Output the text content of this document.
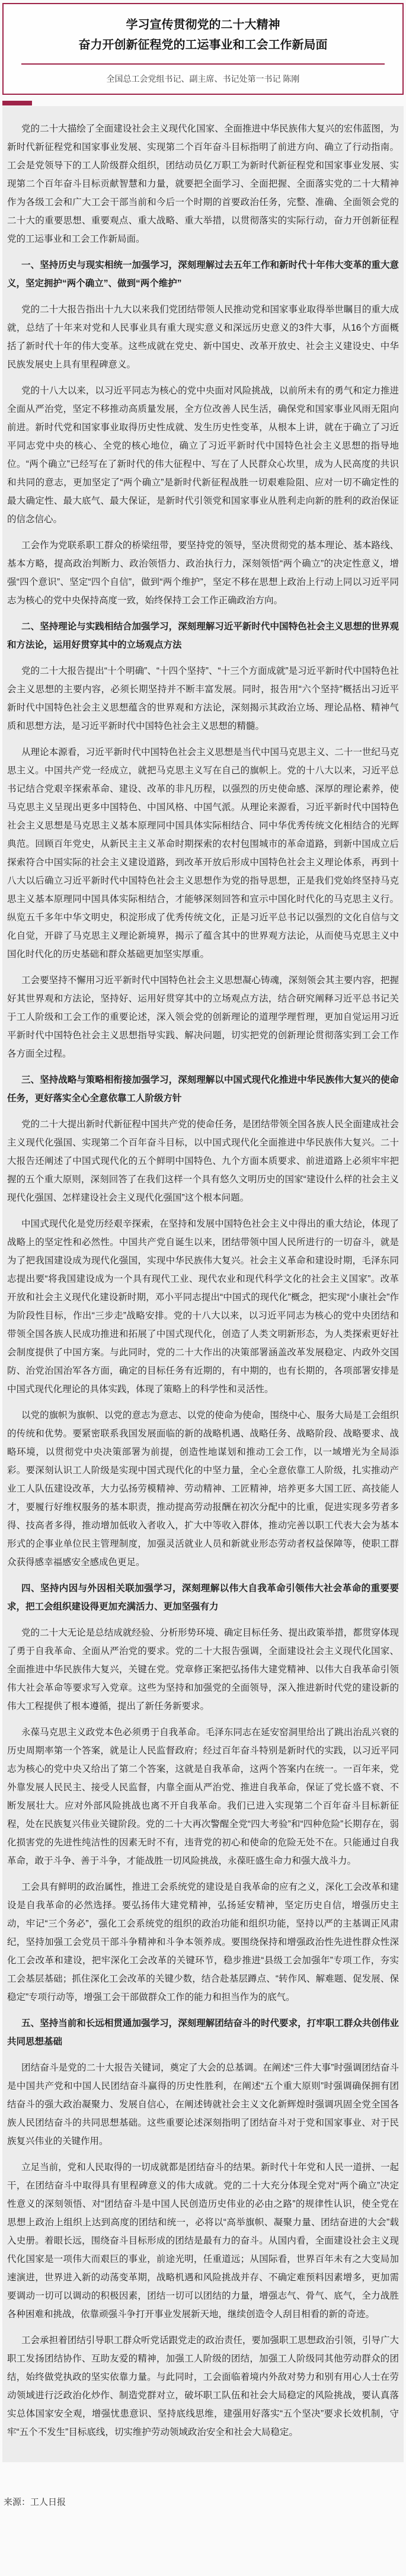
学习宣传贯彻党的二十大精神
奋力开创新征程党的工运事业和工会工作新局面
全国总工会党组书记、副主席、书记处第一书记 陈刚

党的二十大描绘了全面建设社会主义现代化国家、全面推进中华民族伟大复兴的宏伟蓝图，为新时代新征程党和国家事业发展、实现第二个百年奋斗目标指明了前进方向、确立了行动指南。工会是党领导下的工人阶级群众组织，团结动员亿万职工为新时代新征程党和国家事业发展、实现第二个百年奋斗目标贡献智慧和力量，就要把全面学习、全面把握、全面落实党的二十大精神作为各级工会和广大工会干部当前和今后一个时期的首要政治任务，完整、准确、全面领会党的二十大的重要思想、重要观点、重大战略、重大举措，以贯彻落实的实际行动，奋力开创新征程党的工运事业和工会工作新局面。

一、坚持历史与现实相统一加强学习，深刻理解过去五年工作和新时代十年伟大变革的重大意义，坚定拥护“两个确立”、做到“两个维护”

党的二十大报告指出十九大以来我们党团结带领人民推动党和国家事业取得举世瞩目的重大成就，总结了十年来对党和人民事业具有重大现实意义和深远历史意义的3件大事，从16个方面概括了新时代十年的伟大变革。这些成就在党史、新中国史、改革开放史、社会主义建设史、中华民族发展史上具有里程碑意义。

党的十八大以来，以习近平同志为核心的党中央面对风险挑战，以前所未有的勇气和定力推进全面从严治党，坚定不移推动高质量发展，全方位改善人民生活，确保党和国家事业风雨无阻向前进。新时代党和国家事业取得历史性成就、发生历史性变革，从根本上讲，就在于确立了习近平同志党中央的核心、全党的核心地位，确立了习近平新时代中国特色社会主义思想的指导地位。“两个确立”已经写在了新时代的伟大征程中、写在了人民群众心坎里，成为人民高度的共识和共同的意志，更加坚定了“两个确立”是新时代新征程战胜一切艰难险阻、应对一切不确定性的最大确定性、最大底气、最大保证，是新时代引领党和国家事业从胜利走向新的胜利的政治保证的信念信心。

工会作为党联系职工群众的桥梁纽带，要坚持党的领导，坚决贯彻党的基本理论、基本路线、基本方略，提高政治判断力、政治领悟力、政治执行力，深刻领悟“两个确立”的决定性意义，增强“四个意识”、坚定“四个自信”，做到“两个维护”，坚定不移在思想上政治上行动上同以习近平同志为核心的党中央保持高度一致，始终保持工会工作正确政治方向。

二、坚持理论与实践相结合加强学习，深刻理解习近平新时代中国特色社会主义思想的世界观和方法论，运用好贯穿其中的立场观点方法

党的二十大报告提出“十个明确”、“十四个坚持”、“十三个方面成就”是习近平新时代中国特色社会主义思想的主要内容，必须长期坚持并不断丰富发展。同时，报告用“六个坚持”概括出习近平新时代中国特色社会主义思想蕴含的世界观和方法论，深刻揭示其政治立场、理论品格、精神气质和思想方法，是习近平新时代中国特色社会主义思想的精髓。

从理论本源看，习近平新时代中国特色社会主义思想是当代中国马克思主义、二十一世纪马克思主义。中国共产党一经成立，就把马克思主义写在自己的旗帜上。党的十八大以来，习近平总书记结合党艰辛探索革命、建设、改革的非凡历程，以强烈的历史使命感、深厚的理论素养，使马克思主义呈现出更多中国特色、中国风格、中国气派。从理论来源看，习近平新时代中国特色社会主义思想是马克思主义基本原理同中国具体实际相结合、同中华优秀传统文化相结合的光辉典范。回顾百年党史，从新民主主义革命时期探索的农村包围城市的革命道路，到新中国成立后探索符合中国实际的社会主义建设道路，到改革开放后形成中国特色社会主义理论体系，再到十八大以后确立习近平新时代中国特色社会主义思想作为党的指导思想，正是我们党始终坚持马克思主义基本原理同中国具体实际相结合，才能够深刻回答和宣示中国化时代化的马克思主义行。纵览五千多年中华文明史，积淀形成了优秀传统文化，正是习近平总书记以强烈的文化自信与文化自觉，开辟了马克思主义理论新境界，揭示了蕴含其中的世界观方法论，从而使马克思主义中国化时代化的历史基础和群众基础更加坚实厚重。

工会要坚持不懈用习近平新时代中国特色社会主义思想凝心铸魂，深刻领会其主要内容，把握好其世界观和方法论，坚持好、运用好贯穿其中的立场观点方法，结合研究阐释习近平总书记关于工人阶级和工会工作的重要论述，深入领会党的创新理论的道理学理哲理，更加自觉运用习近平新时代中国特色社会主义思想指导实践、解决问题，切实把党的创新理论贯彻落实到工会工作各方面全过程。

三、坚持战略与策略相衔接加强学习，深刻理解以中国式现代化推进中华民族伟大复兴的使命任务，更好落实全心全意依靠工人阶级方针

党的二十大提出新时代新征程中国共产党的使命任务，是团结带领全国各族人民全面建成社会主义现代化强国、实现第二个百年奋斗目标，以中国式现代化全面推进中华民族伟大复兴。二十大报告还阐述了中国式现代化的五个鲜明中国特色、九个方面本质要求、前进道路上必须牢牢把握的五个重大原则，深刻回答了在我们这样一个具有悠久文明历史的国家“建设什么样的社会主义现代化强国、怎样建设社会主义现代化强国”这个根本问题。

中国式现代化是党历经艰辛探索，在坚持和发展中国特色社会主义中得出的重大结论，体现了战略上的坚定性和必然性。中国共产党自诞生以来，团结带领中国人民所进行的一切奋斗，就是为了把我国建设成为现代化强国，实现中华民族伟大复兴。社会主义革命和建设时期，毛泽东同志提出要“将我国建设成为一个具有现代工业、现代农业和现代科学文化的社会主义国家”。改革开放和社会主义现代化建设新时期，邓小平同志提出“中国式的现代化”概念，把实现“小康社会”作为阶段性目标，作出“三步走”战略安排。党的十八大以来，以习近平同志为核心的党中央团结和带领全国各族人民成功推进和拓展了中国式现代化，创造了人类文明新形态，为人类探索更好社会制度提供了中国方案。与此同时，党的二十大作出的决策部署涵盖改革发展稳定、内政外交国防、治党治国治军各方面，确定的目标任务有近期的，有中期的，也有长期的，各项部署安排是中国式现代化理论的具体实践，体现了策略上的科学性和灵活性。

以党的旗帜为旗帜、以党的意志为意志、以党的使命为使命，围绕中心、服务大局是工会组织的传统和优势。要紧密联系我国发展面临的新的战略机遇、战略任务、战略阶段、战略要求、战略环境，以贯彻党中央决策部署为前提，创造性地谋划和推动工会工作，以一域增光为全局添彩。要深刻认识工人阶级是实现中国式现代化的中坚力量，全心全意依靠工人阶级，扎实推动产业工人队伍建设改革，大力弘扬劳模精神、劳动精神、工匠精神，培养更多大国工匠、高技能人才，要履行好维权服务的基本职责，推动提高劳动报酬在初次分配中的比重，促进实现多劳者多得、技高者多得，推动增加低收入者收入，扩大中等收入群体，推动完善以职工代表大会为基本形式的企事业单位民主管理制度，加强灵活就业人员和新就业形态劳动者权益保障等，使职工群众获得感幸福感安全感成色更足。

四、坚持内因与外因相关联加强学习，深刻理解以伟大自我革命引领伟大社会革命的重要要求，把工会组织建设得更加充满活力、更加坚强有力

党的二十大无论是总结成就经验、分析形势环境、确定目标任务、提出政策举措，都贯穿体现了勇于自我革命、全面从严治党的要求。党的二十大报告强调，全面建设社会主义现代化国家、全面推进中华民族伟大复兴，关键在党。党章修正案把弘扬伟大建党精神、以伟大自我革命引领伟大社会革命等要求写入党章。这些为坚持和加强党的全面领导，深入推进新时代党的建设新的伟大工程提供了根本遵循，提出了新任务新要求。

永葆马克思主义政党本色必须勇于自我革命。毛泽东同志在延安窑洞里给出了跳出治乱兴衰的历史周期率第一个答案，就是让人民监督政府；经过百年奋斗特别是新时代的实践，以习近平同志为核心的党中央又给出了第二个答案，这就是自我革命，这两个答案内在统一。一百年来，党外靠发展人民民主、接受人民监督，内靠全面从严治党、推进自我革命，保证了党长盛不衰、不断发展壮大。应对外部风险挑战也离不开自我革命。我们已进入实现第二个百年奋斗目标新征程，处在民族复兴伟业关键阶段。党的二十大再次警醒全党“四大考验”和“四种危险”长期存在，弱化损害党的先进性纯洁性的因素无时不有，违背党的初心和使命的危险无处不在。只能通过自我革命，敢于斗争、善于斗争，才能战胜一切风险挑战，永葆旺盛生命力和强大战斗力。

工会具有鲜明的政治属性，推进工会系统党的建设是自我革命的应有之义，深化工会改革和建设是自我革命的必然选择。要弘扬伟大建党精神，弘扬延安精神，坚定历史自信，增强历史主动，牢记“三个务必”，强化工会系统党的组织的政治功能和组织功能，坚持以严的主基调正风肃纪，坚持加强工会党员干部斗争精神和斗争本领养成。要围绕保持和增强政治性先进性群众性深化工会改革和建设，把牢深化工会改革的关键环节，稳步推进“县级工会加强年”专项工作，夯实工会基层基础；抓住深化工会改革的关键少数，结合赴基层蹲点、“转作风、解难题、促发展、保稳定”专项行动等，增强工会干部做群众工作的能力和担当作为的底气。

五、坚持当前和长远相贯通加强学习，深刻理解团结奋斗的时代要求，打牢职工群众共创伟业共同思想基础

团结奋斗是党的二十大报告关键词，奠定了大会的总基调。在阐述“三件大事”时强调团结奋斗是中国共产党和中国人民团结奋斗赢得的历史性胜利，在阐述“五个重大原则”时强调确保拥有团结奋斗的强大政治凝聚力、发展自信心，在阐述铸就社会主义文化新辉煌时强调巩固全党全国各族人民团结奋斗的共同思想基础。这些重要论述深刻指明了团结奋斗对于党和国家事业、对于民族复兴伟业的关键作用。

立足当前，党和人民取得的一切成就都是团结奋斗的结果。新时代十年党和人民一道拼、一起干，在团结奋斗中取得具有里程碑意义的伟大成就。党的二十大充分体现全党对“两个确立”决定性意义的深刻领悟、对“团结奋斗是中国人民创造历史伟业的必由之路”的规律性认识，使全党在思想上政治上组织上达到高度的团结和统一，必将以“高举旗帜、凝聚力量、团结奋进的大会”载入史册。着眼长远，围绕奋斗目标形成的团结是最有力的奋斗。从国内看，全面建设社会主义现代化国家是一项伟大而艰巨的事业，前途光明，任重道远；从国际看，世界百年未有之大变局加速演进，世界进入新的动荡变革期，战略机遇和风险挑战并存、不确定难预料因素增多，更加需要调动一切可以调动的积极因素，团结一切可以团结的力量，增强志气、骨气、底气，全力战胜各种困难和挑战，依靠顽强斗争打开事业发展新天地，继续创造令人刮目相看的新的奇迹。

工会承担着团结引导职工群众听党话跟党走的政治责任，要加强职工思想政治引领，引导广大职工发扬团结协作、互助友爱的精神，加强工人阶级的团结，加强工人阶级同其他劳动群众的团结，始终做党执政的坚实依靠力量。与此同时，工会面临着境内外敌对势力和别有用心人士在劳动领域进行泛政治化炒作、制造党群对立，破坏职工队伍和社会大局稳定的风险挑战，要认真落实总体国家安全观，增强忧患意识、坚持底线思维，建强用好落实“五个坚决”要求长效机制，守牢“五个不发生”目标底线，切实维护劳动领域政治安全和社会大局稳定。

来源：工人日报
